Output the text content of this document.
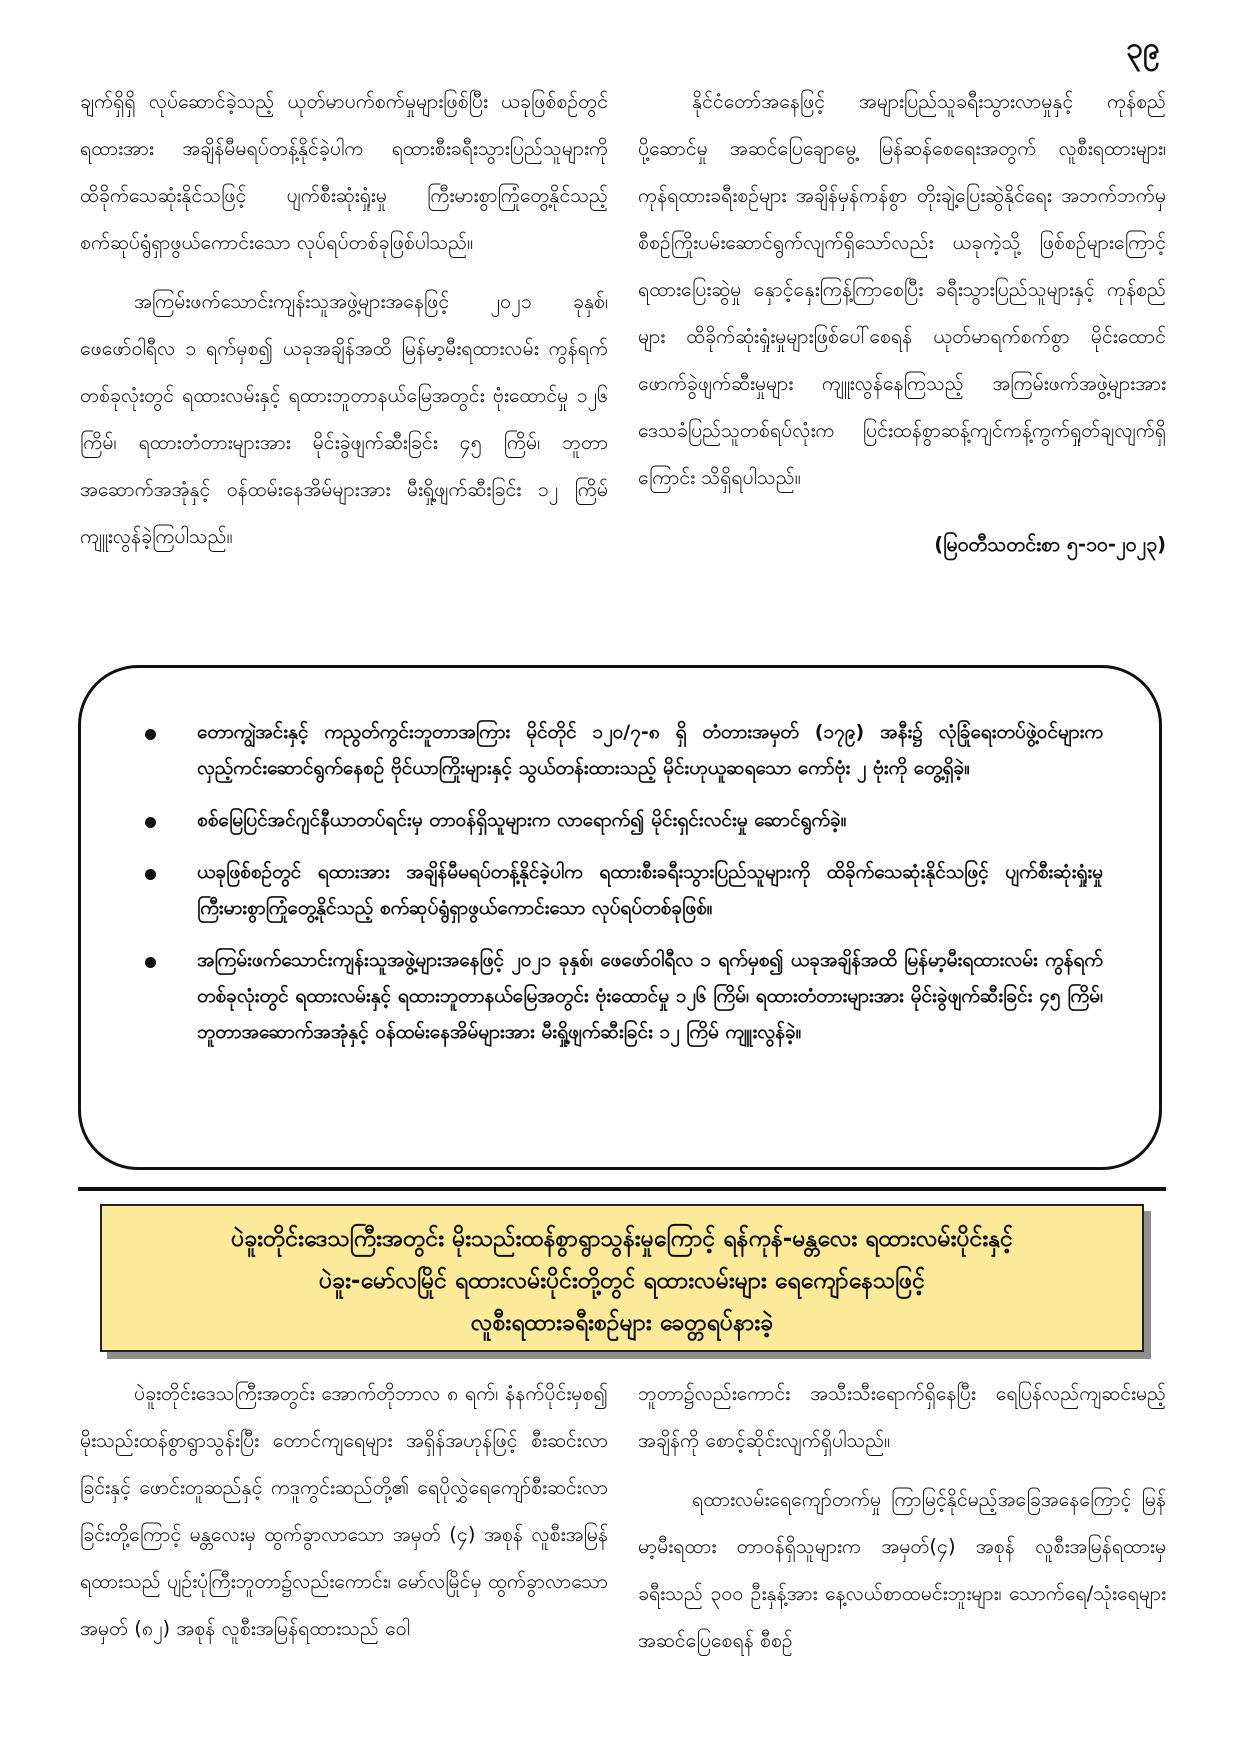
၃၉

ချက်ရှိရှိ လုပ်ဆောင်ခဲ့သည့် ယုတ်မာပက်စက်မှုများဖြစ်ပြီး ယခုဖြစ်စဉ်တွင် ရထားအား အချိန်မီမရပ်တန့်နိုင်ခဲ့ပါက ရထားစီးခရီးသွားပြည်သူများကို ထိခိုက်သေဆုံးနိုင်သဖြင့် ပျက်စီးဆုံးရှုံးမှု ကြီးမားစွာကြုံတွေ့နိုင်သည့် စက်ဆုပ်ရွံရှာဖွယ်ကောင်းသော လုပ်ရပ်တစ်ခုဖြစ်ပါသည်။

အကြမ်းဖက်သောင်းကျန်းသူအဖွဲ့များအနေဖြင့် ၂၀၂၁ ခုနှစ်၊ ဖေဖော်ဝါရီလ ၁ ရက်မှစ၍ ယခုအချိန်အထိ မြန်မာ့မီးရထားလမ်း ကွန်ရက်တစ်ခုလုံးတွင် ရထားလမ်းနှင့် ရထားဘူတာနယ်မြေအတွင်း ဗုံးထောင်မှု ၁၂၆ ကြိမ်၊ ရထားတံတားများအား မိုင်းခွဲဖျက်ဆီးခြင်း ၄၅ ကြိမ်၊ ဘူတာအဆောက်အအုံနှင့် ဝန်ထမ်းနေအိမ်များအား မီးရှို့ဖျက်ဆီးခြင်း ၁၂ ကြိမ် ကျူးလွန်ခဲ့ကြပါသည်။

နိုင်ငံတော်အနေဖြင့် အများပြည်သူခရီးသွားလာမှုနှင့် ကုန်စည်ပို့ဆောင်မှု အဆင်ပြေချောမွေ့ မြန်ဆန်စေရေးအတွက် လူစီးရထားများ၊ ကုန်ရထားခရီးစဉ်များ အချိန်မှန်ကန်စွာ တိုးချဲ့ပြေးဆွဲနိုင်ရေး အဘက်ဘက်မှ စီစဉ်ကြိုးပမ်းဆောင်ရွက်လျက်ရှိသော်လည်း ယခုကဲ့သို့ ဖြစ်စဉ်များကြောင့် ရထားပြေးဆွဲမှု နှောင့်နှေးကြန့်ကြာစေပြီး ခရီးသွားပြည်သူများနှင့် ကုန်စည်များ ထိခိုက်ဆုံးရှုံးမှုများဖြစ်ပေါ်စေရန် ယုတ်မာရက်စက်စွာ မိုင်းထောင်ဖောက်ခွဲဖျက်ဆီးမှုများ ကျူးလွန်နေကြသည့် အကြမ်းဖက်အဖွဲ့များအား ဒေသခံပြည်သူတစ်ရပ်လုံးက ပြင်းထန်စွာဆန့်ကျင်ကန့်ကွက်ရှုတ်ချလျက်ရှိကြောင်း သိရှိရပါသည်။

(မြဝတီသတင်းစာ ၅-၁၀-၂၀၂၃)
တောကျွဲအင်းနှင့် ကညွတ်ကွင်းဘူတာအကြား မိုင်တိုင် ၁၂၀/၇-၈ ရှိ တံတားအမှတ် (၁၇၉) အနီး၌ လုံခြုံရေးတပ်ဖွဲ့ဝင်များက လှည့်ကင်းဆောင်ရွက်နေစဉ် ဗိုင်ယာကြိုးများနှင့် သွယ်တန်းထားသည့် မိုင်းဟုယူဆရသော ကော်ဗုံး ၂ ဗုံးကို တွေ့ရှိခဲ့။
စစ်မြေပြင်အင်ဂျင်နီယာတပ်ရင်းမှ တာဝန်ရှိသူများက လာရောက်၍ မိုင်းရှင်းလင်းမှု ဆောင်ရွက်ခဲ့။
ယခုဖြစ်စဉ်တွင် ရထားအား အချိန်မီမရပ်တန့်နိုင်ခဲ့ပါက ရထားစီးခရီးသွားပြည်သူများကို ထိခိုက်သေဆုံးနိုင်သဖြင့် ပျက်စီးဆုံးရှုံးမှု ကြီးမားစွာကြုံတွေ့နိုင်သည့် စက်ဆုပ်ရွံရှာဖွယ်ကောင်းသော လုပ်ရပ်တစ်ခုဖြစ်။
အကြမ်းဖက်သောင်းကျန်းသူအဖွဲ့များအနေဖြင့် ၂၀၂၁ ခုနှစ်၊ ဖေဖော်ဝါရီလ ၁ ရက်မှစ၍ ယခုအချိန်အထိ မြန်မာ့မီးရထားလမ်း ကွန်ရက်တစ်ခုလုံးတွင် ရထားလမ်းနှင့် ရထားဘူတာနယ်မြေအတွင်း ဗုံးထောင်မှု ၁၂၆ ကြိမ်၊ ရထားတံတားများအား မိုင်းခွဲဖျက်ဆီးခြင်း ၄၅ ကြိမ်၊ ဘူတာအဆောက်အအုံနှင့် ဝန်ထမ်းနေအိမ်များအား မီးရှို့ဖျက်ဆီးခြင်း ၁၂ ကြိမ် ကျူးလွန်ခဲ့။
ပဲခူးတိုင်းဒေသကြီးအတွင်း မိုးသည်းထန်စွာရွာသွန်းမှုကြောင့် ရန်ကုန်-မန္တလေး ရထားလမ်းပိုင်းနှင့်
ပဲခူး-မော်လမြိုင် ရထားလမ်းပိုင်းတို့တွင် ရထားလမ်းများ ရေကျော်နေသဖြင့်
လူစီးရထားခရီးစဉ်များ ခေတ္တရပ်နားခဲ့

ပဲခူးတိုင်းဒေသကြီးအတွင်း အောက်တိုဘာလ ၈ ရက်၊ နံနက်ပိုင်းမှစ၍ မိုးသည်းထန်စွာရွာသွန်းပြီး တောင်ကျရေများ အရှိန်အဟုန်ဖြင့် စီးဆင်းလာခြင်းနှင့် ဖောင်းတူဆည်နှင့် ကဒူကွင်းဆည်တို့၏ ရေပိုလွှဲရေကျော်စီးဆင်းလာခြင်းတို့ကြောင့် မန္တလေးမှ ထွက်ခွာလာသော အမှတ် (၄) အစုန် လူစီးအမြန်ရထားသည် ပျဉ်းပုံကြီးဘူတာ၌လည်းကောင်း၊ မော်လမြိုင်မှ ထွက်ခွာလာသော အမှတ် (၈၂) အစုန် လူစီးအမြန်ရထားသည် ဝေါ

ဘူတာ၌လည်းကောင်း အသီးသီးရောက်ရှိနေပြီး ရေပြန်လည်ကျဆင်းမည့်အချိန်ကို စောင့်ဆိုင်းလျက်ရှိပါသည်။

ရထားလမ်းရေကျော်တက်မှု ကြာမြင့်နိုင်မည့်အခြေအနေကြောင့် မြန်မာ့မီးရထား တာဝန်ရှိသူများက အမှတ်(၄) အစုန် လူစီးအမြန်ရထားမှ ခရီးသည် ၃၀၀ ဦးနှန့်အား နေ့လယ်စာထမင်းဘူးများ၊ သောက်ရေ/သုံးရေများ အဆင်ပြေစေရန် စီစဉ်
